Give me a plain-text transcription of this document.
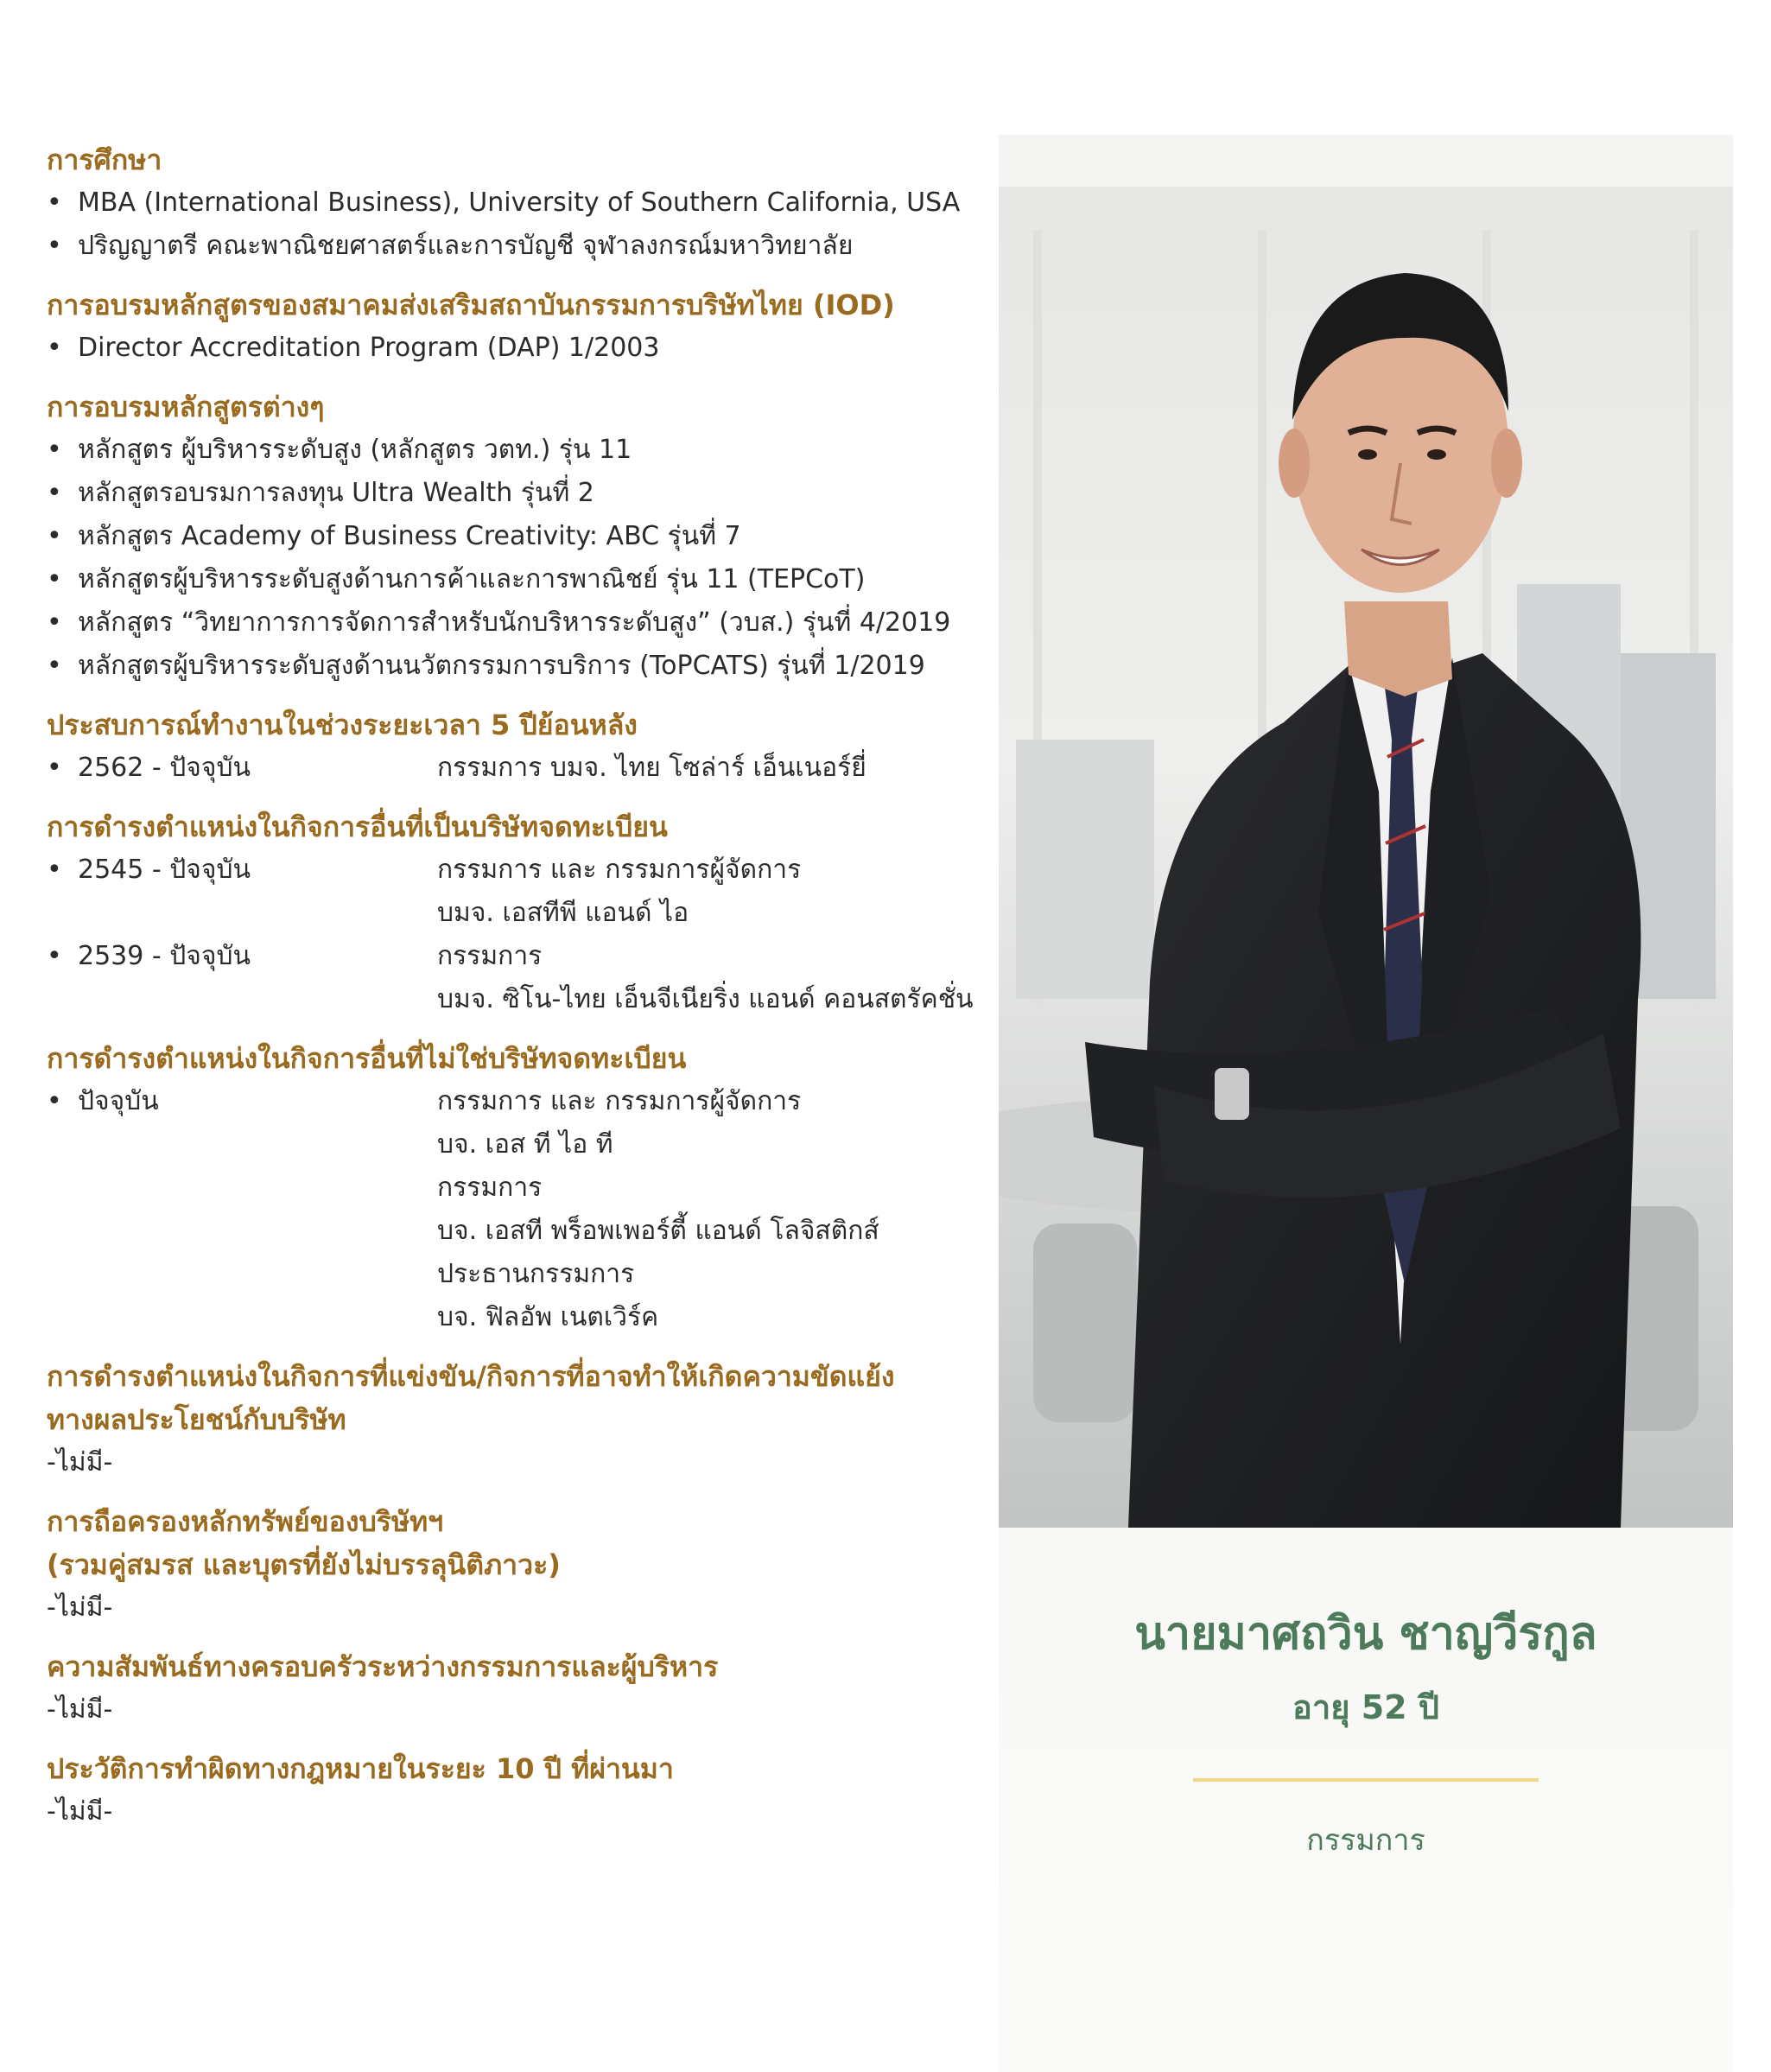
การศึกษา

• MBA (International Business), University of Southern California, USA

• ปริญญาตรี คณะพาณิชยศาสตร์และการบัญชี จุฬาลงกรณ์มหาวิทยาลัย

การอบรมหลักสูตรของสมาคมส่งเสริมสถาบันกรรมการบริษัทไทย (IOD)

• Director Accreditation Program (DAP) 1/2003

การอบรมหลักสูตรต่างๆ

• หลักสูตร ผู้บริหารระดับสูง (หลักสูตร วตท.) รุ่น 11

• หลักสูตรอบรมการลงทุน Ultra Wealth รุ่นที่ 2

• หลักสูตร Academy of Business Creativity: ABC รุ่นที่ 7

• หลักสูตรผู้บริหารระดับสูงด้านการค้าและการพาณิชย์ รุ่น 11 (TEPCoT)

• หลักสูตร “วิทยาการการจัดการสำหรับนักบริหารระดับสูง” (วบส.) รุ่นที่ 4/2019

• หลักสูตรผู้บริหารระดับสูงด้านนวัตกรรมการบริการ (ToPCATS) รุ่นที่ 1/2019

ประสบการณ์ทำงานในช่วงระยะเวลา 5 ปีย้อนหลัง

• 2562 - ปัจจุบัน	กรรมการ บมจ. ไทย โซล่าร์ เอ็นเนอร์ยี่

การดำรงตำแหน่งในกิจการอื่นที่เป็นบริษัทจดทะเบียน

• 2545 - ปัจจุบัน	กรรมการ และ กรรมการผู้จัดการ
บมจ. เอสทีพี แอนด์ ไอ
• 2539 - ปัจจุบัน	กรรมการ
บมจ. ซิโน-ไทย เอ็นจีเนียริ่ง แอนด์ คอนสตรัคชั่น

การดำรงตำแหน่งในกิจการอื่นที่ไม่ใช่บริษัทจดทะเบียน

• ปัจจุบัน	กรรมการ และ กรรมการผู้จัดการ
บจ. เอส ที ไอ ที
กรรมการ
บจ. เอสที พร็อพเพอร์ตี้ แอนด์ โลจิสติกส์
ประธานกรรมการ
บจ. ฟิลอัพ เนตเวิร์ค

การดำรงตำแหน่งในกิจการที่แข่งขัน/กิจการที่อาจทำให้เกิดความขัดแย้ง

ทางผลประโยชน์กับบริษัท

-ไม่มี-

การถือครองหลักทรัพย์ของบริษัทฯ

(รวมคู่สมรส และบุตรที่ยังไม่บรรลุนิติภาวะ)

-ไม่มี-

ความสัมพันธ์ทางครอบครัวระหว่างกรรมการและผู้บริหาร

-ไม่มี-

ประวัติการทำผิดทางกฎหมายในระยะ 10 ปี ที่ผ่านมา

-ไม่มี-

นายมาศถวิน ชาญวีรกูล
อายุ 52 ปี
กรรมการ
